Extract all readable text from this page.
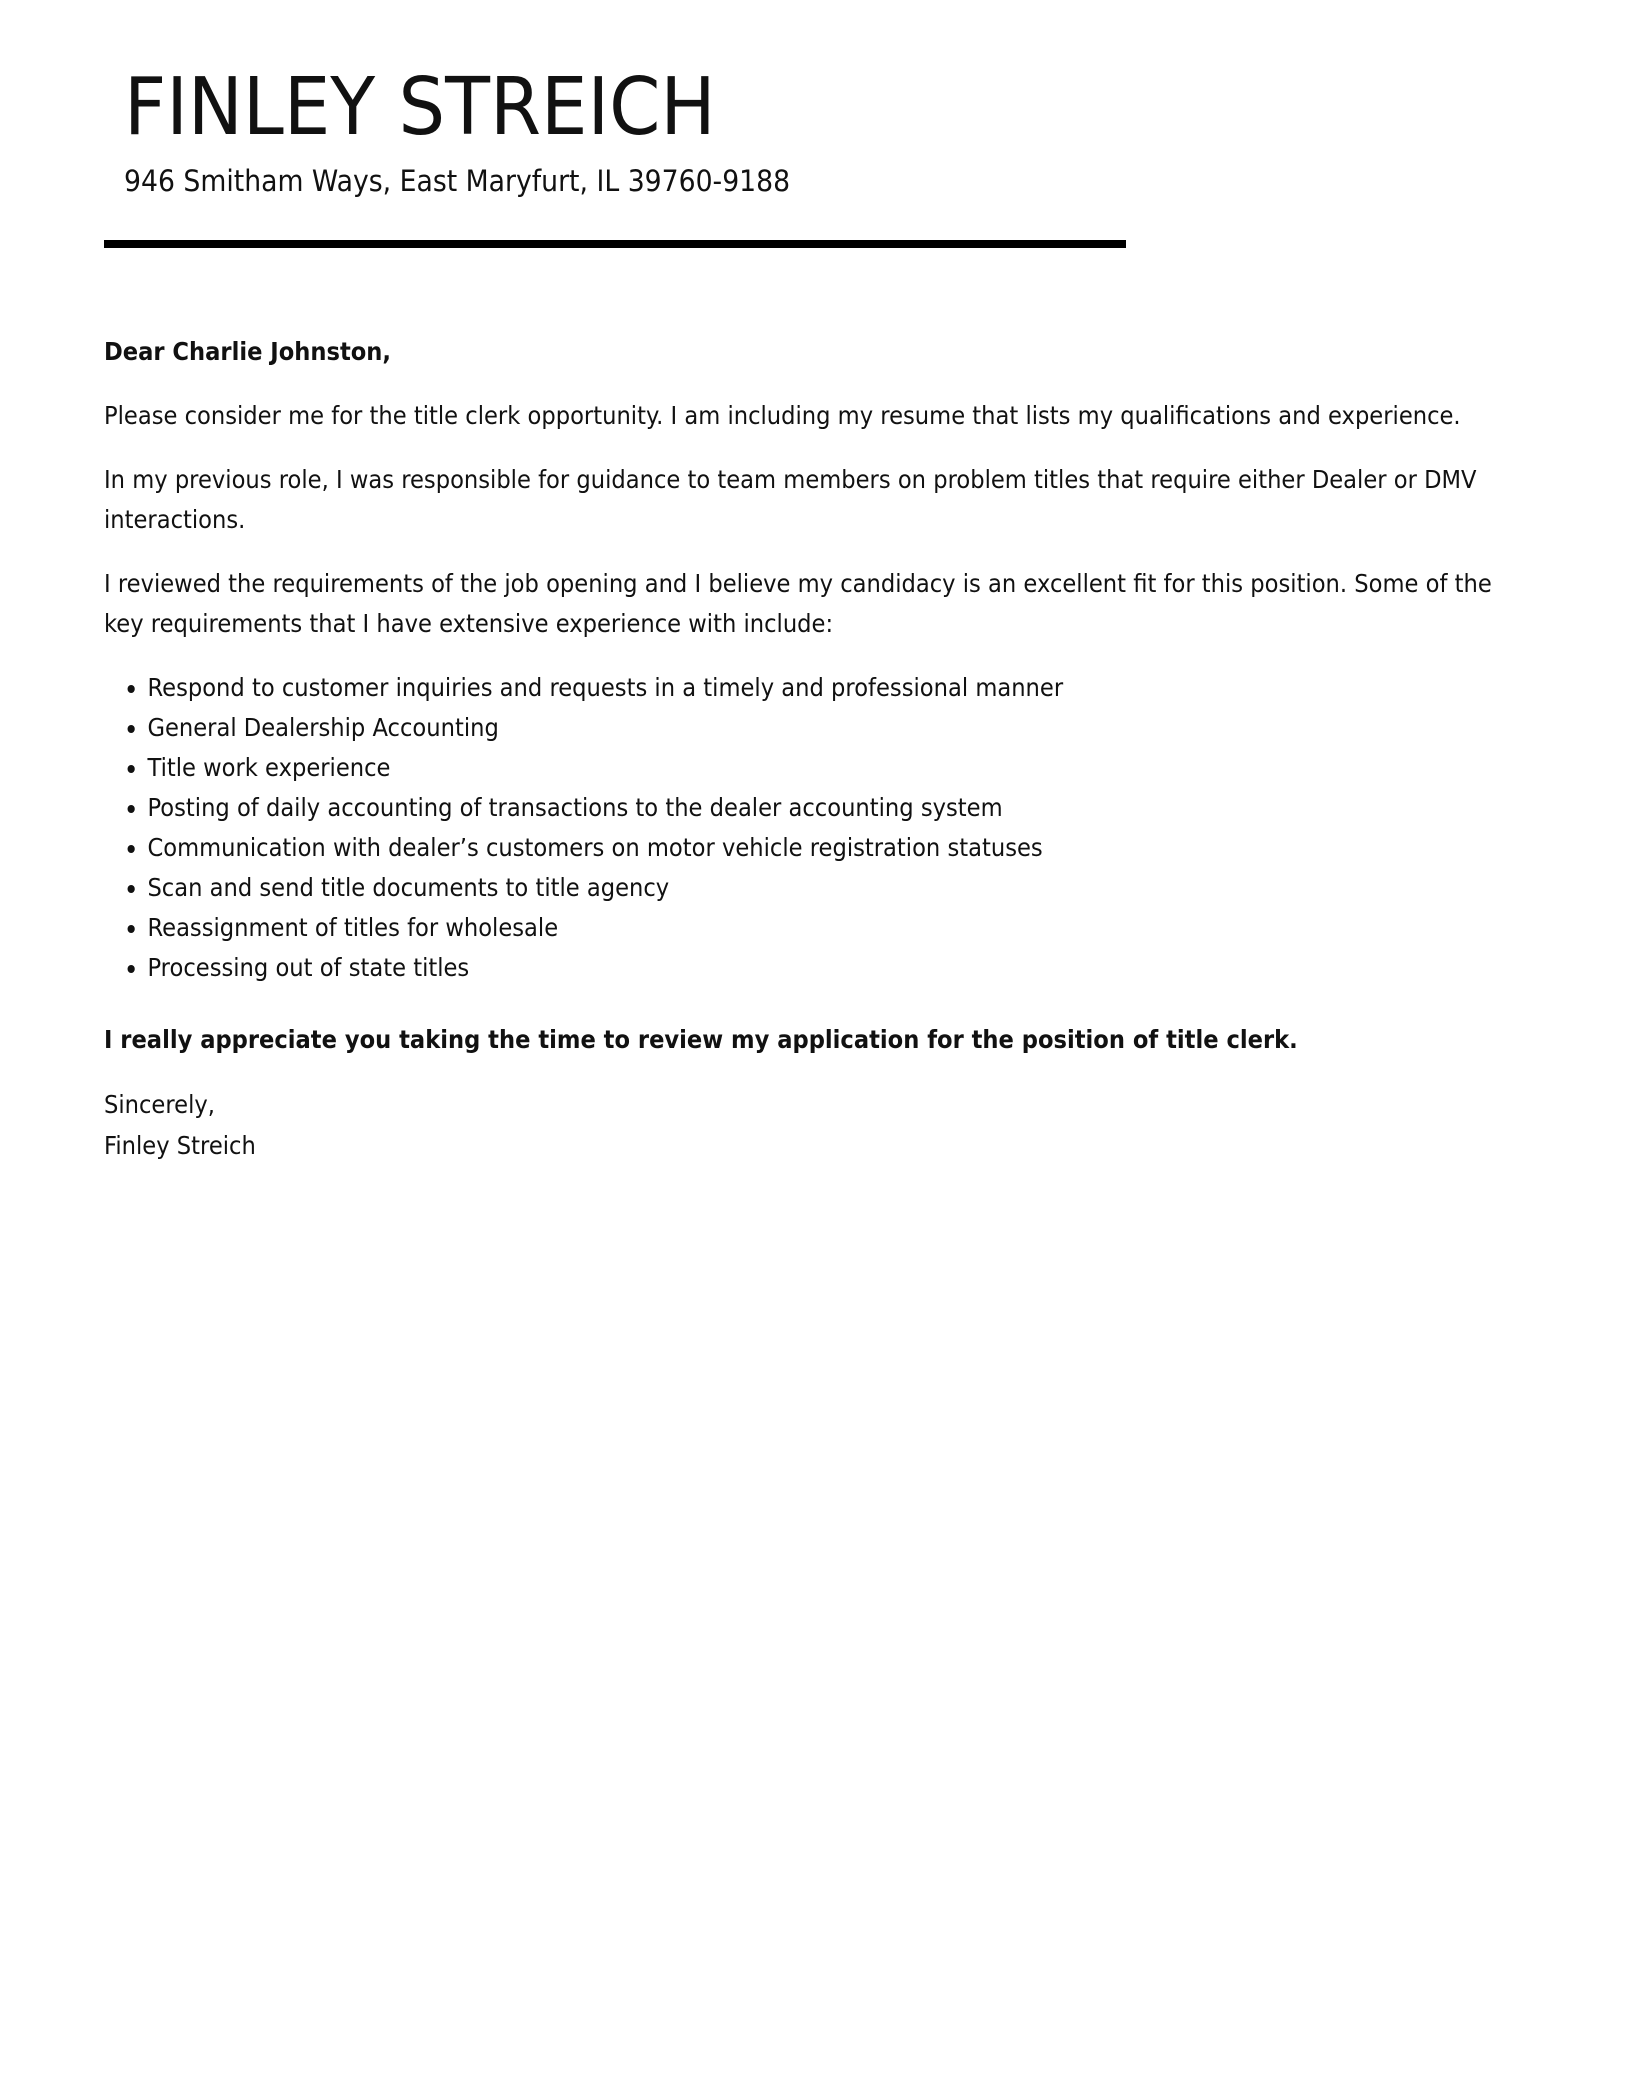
FINLEY STREICH
946 Smitham Ways, East Maryfurt, IL 39760-9188

Dear Charlie Johnston,

Please consider me for the title clerk opportunity. I am including my resume that lists my qualifications and experience.

In my previous role, I was responsible for guidance to team members on problem titles that require either Dealer or DMV interactions.

I reviewed the requirements of the job opening and I believe my candidacy is an excellent fit for this position. Some of the key requirements that I have extensive experience with include:

• Respond to customer inquiries and requests in a timely and professional manner
• General Dealership Accounting
• Title work experience
• Posting of daily accounting of transactions to the dealer accounting system
• Communication with dealer’s customers on motor vehicle registration statuses
• Scan and send title documents to title agency
• Reassignment of titles for wholesale
• Processing out of state titles

I really appreciate you taking the time to review my application for the position of title clerk.

Sincerely,
Finley Streich
